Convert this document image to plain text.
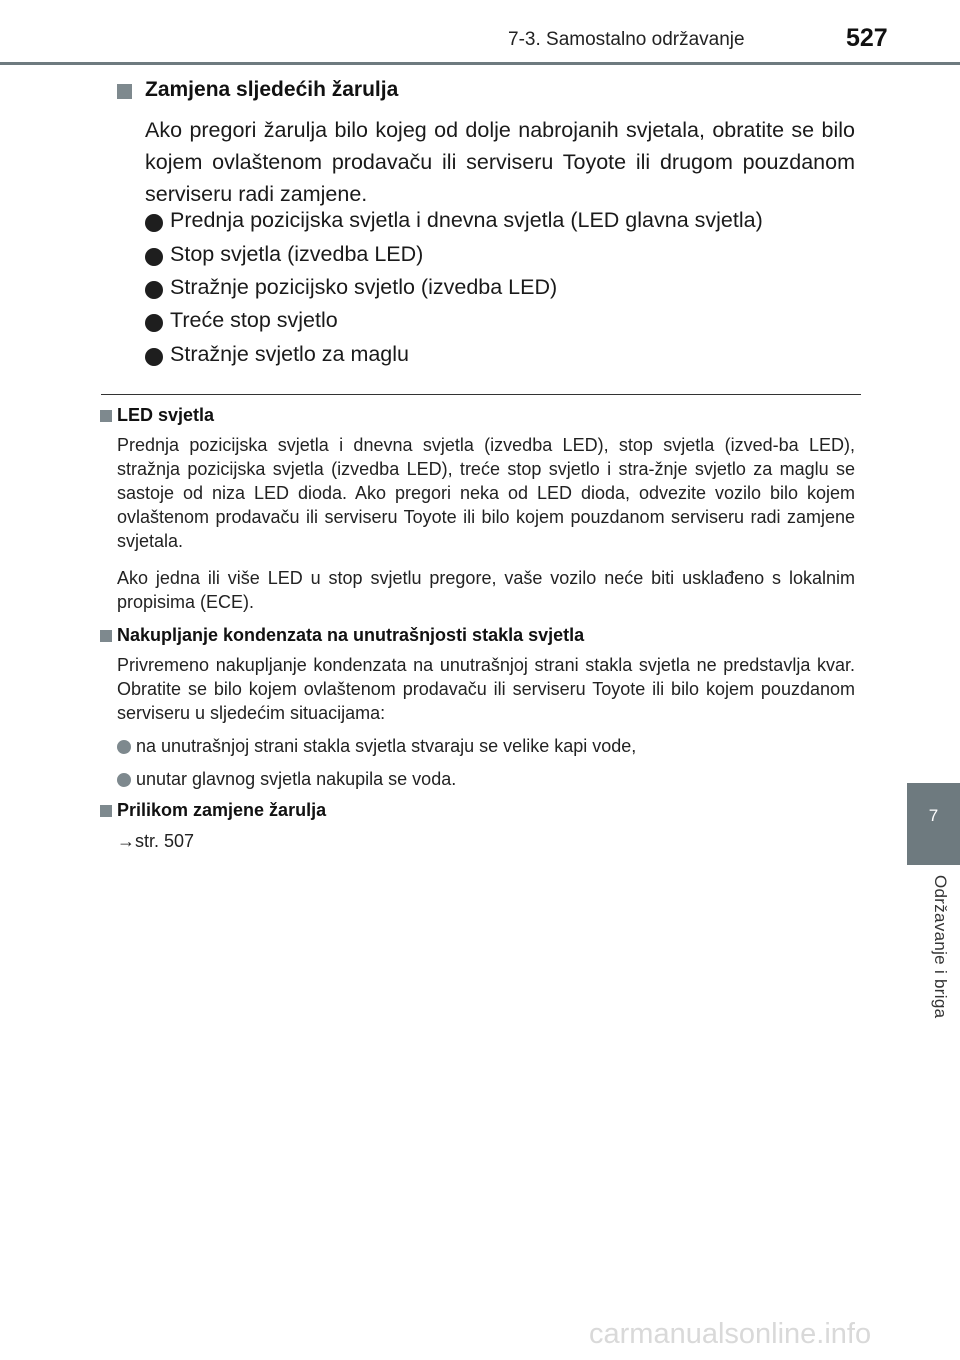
7-3. Samostalno održavanje	527
7
Održavanje i briga
Zamjena sljedećih žarulja
Ako pregori žarulja bilo kojeg od dolje nabrojanih svjetala, obratite se bilo kojem ovlaštenom prodavaču ili serviseru Toyote ili drugom pouzdanom serviseru radi zamjene.
Prednja pozicijska svjetla i dnevna svjetla (LED glavna svjetla)
Stop svjetla (izvedba LED)
Stražnje pozicijsko svjetlo (izvedba LED)
Treće stop svjetlo
Stražnje svjetlo za maglu
LED svjetla
Prednja pozicijska svjetla i dnevna svjetla (izvedba LED), stop svjetla (izved-ba LED), stražnja pozicijska svjetla (izvedba LED), treće stop svjetlo i stra-žnje svjetlo za maglu se sastoje od niza LED dioda. Ako pregori neka od LED dioda, odvezite vozilo bilo kojem ovlaštenom prodavaču ili serviseru Toyote ili bilo kojem pouzdanom serviseru radi zamjene svjetala.
Ako jedna ili više LED u stop svjetlu pregore, vaše vozilo neće biti usklađeno s lokalnim propisima (ECE).
Nakupljanje kondenzata na unutrašnjosti stakla svjetla
Privremeno nakupljanje kondenzata na unutrašnjoj strani stakla svjetla ne predstavlja kvar. Obratite se bilo kojem ovlaštenom prodavaču ili serviseru Toyote ili bilo kojem pouzdanom serviseru u sljedećim situacijama:
na unutrašnjoj strani stakla svjetla stvaraju se velike kapi vode,
unutar glavnog svjetla nakupila se voda.
Prilikom zamjene žarulja
→str. 507
carmanualsonline.info
